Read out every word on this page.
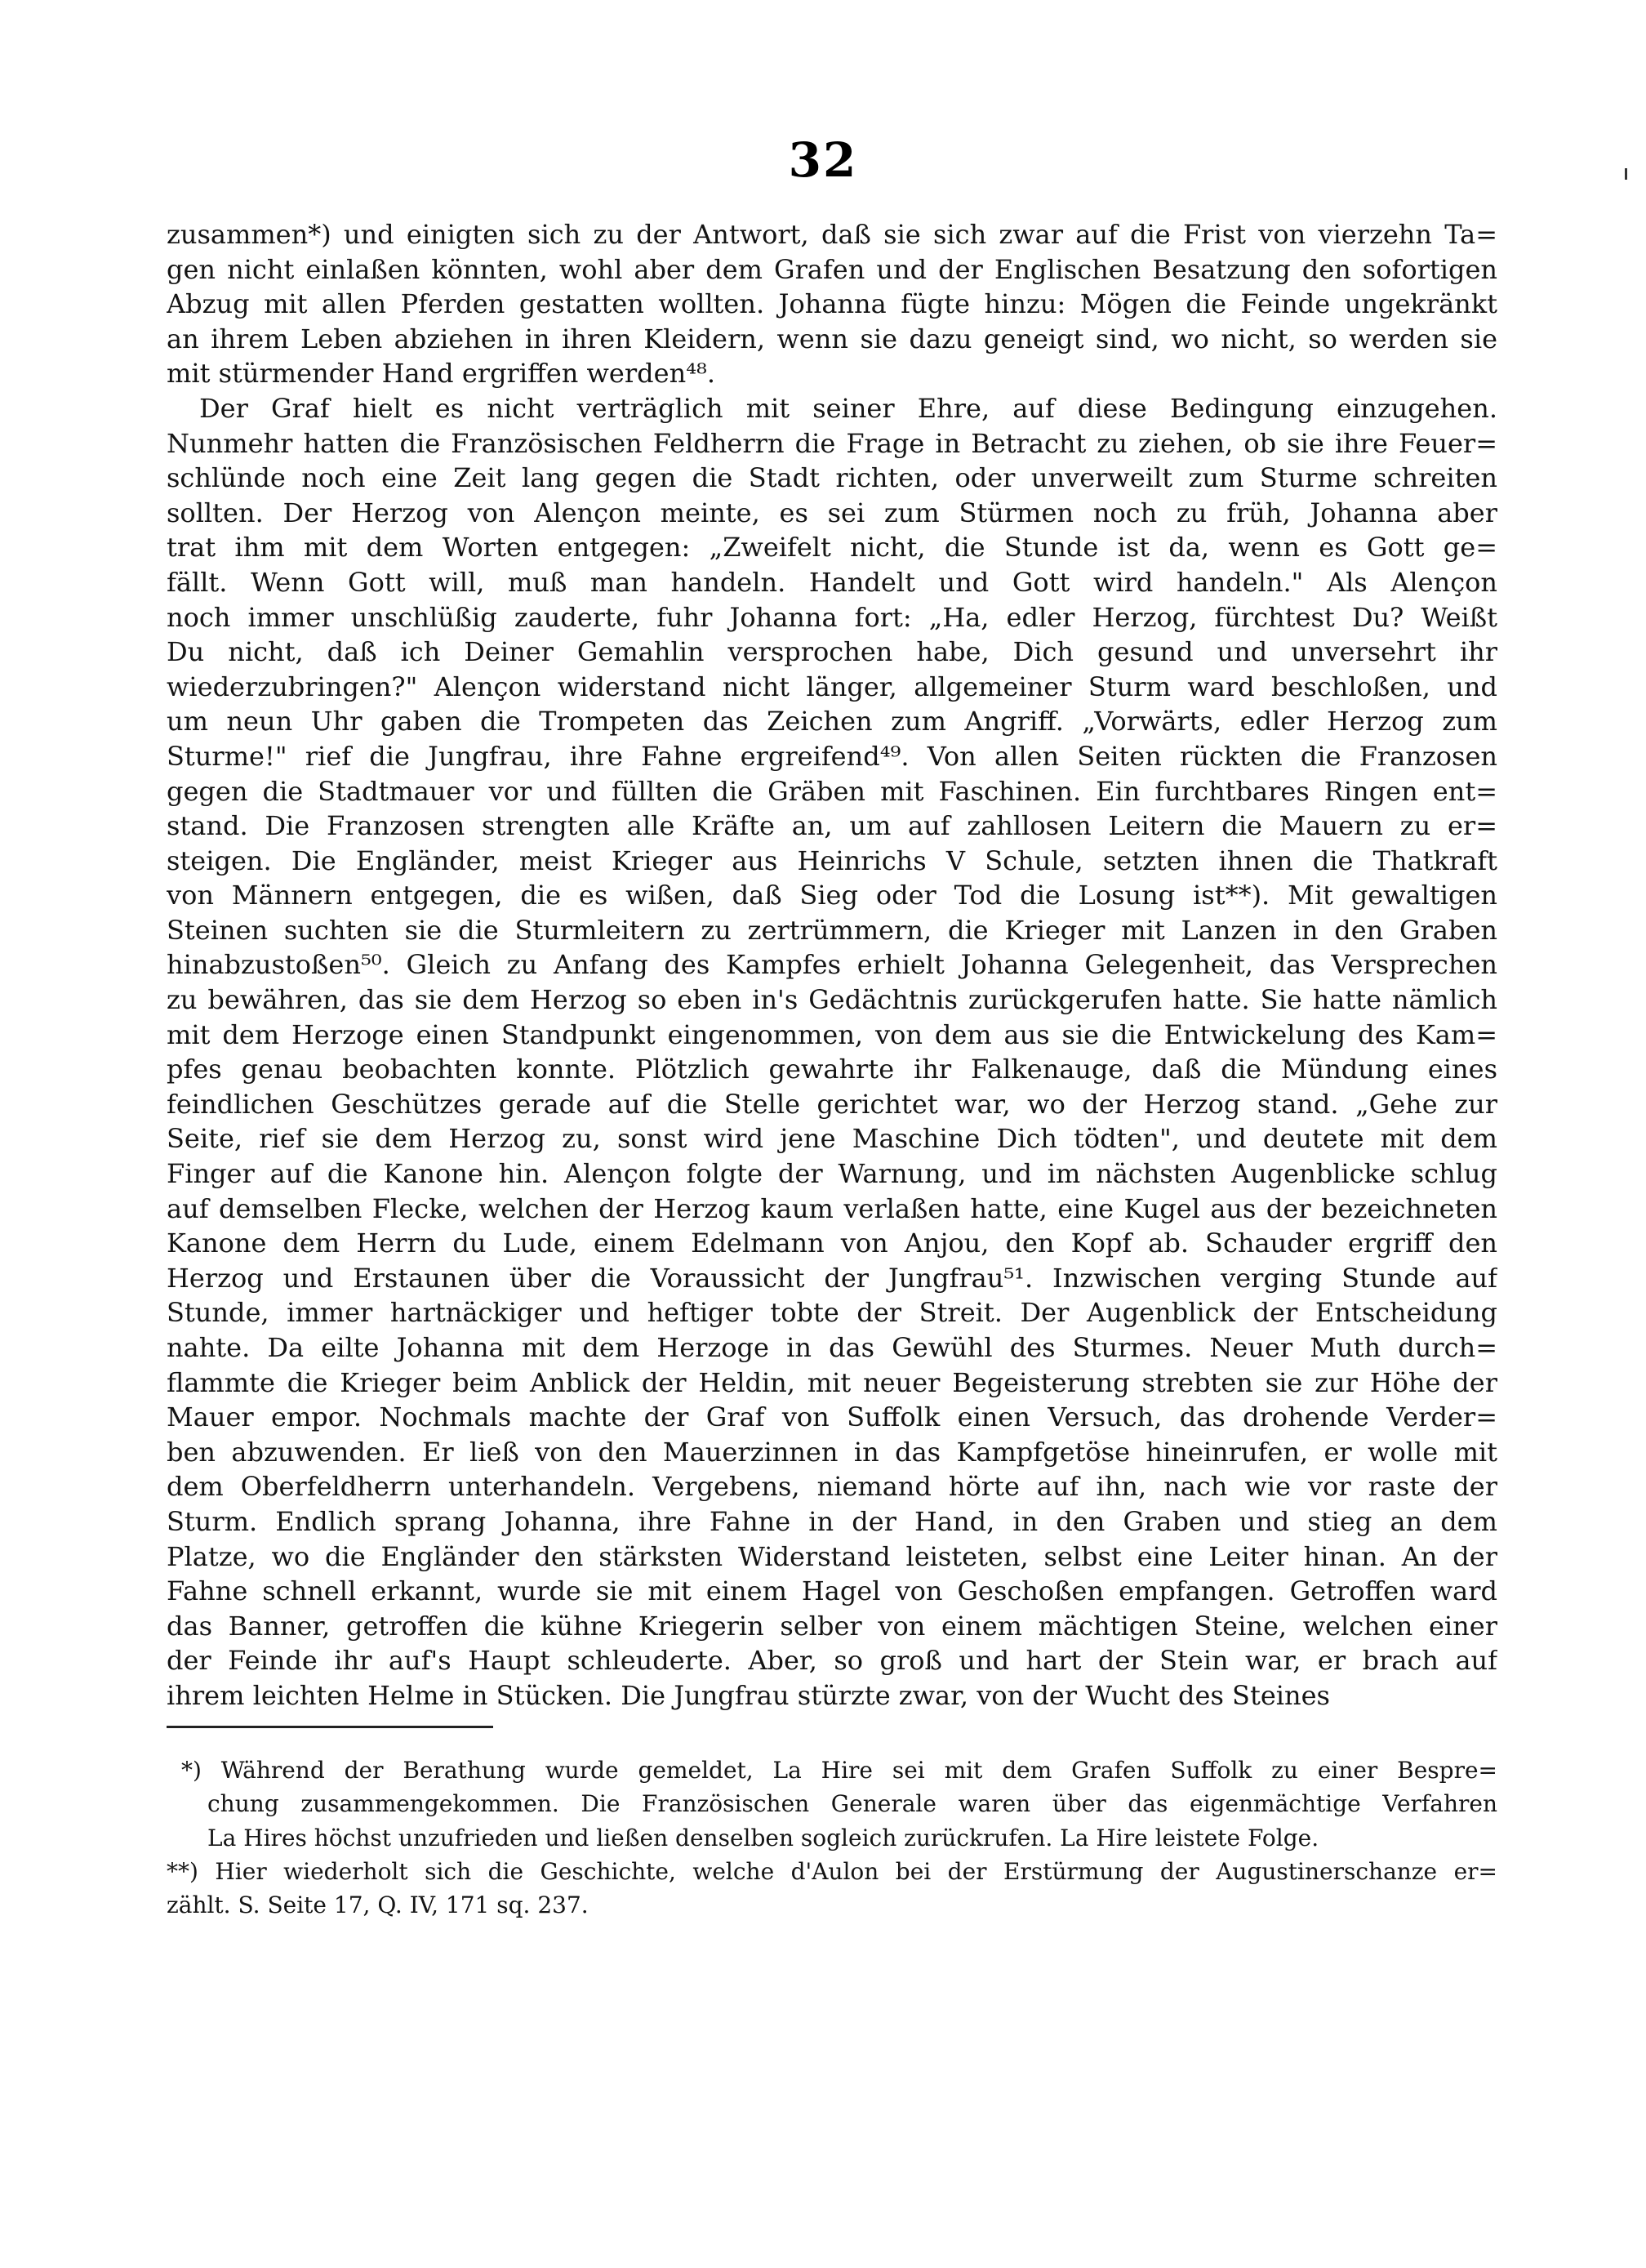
32
zusammen*) und einigten sich zu der Antwort, daß sie sich zwar auf die Frist von vierzehn Ta=
gen nicht einlaßen könnten, wohl aber dem Grafen und der Englischen Besatzung den sofortigen
Abzug mit allen Pferden gestatten wollten. Johanna fügte hinzu: Mögen die Feinde ungekränkt
an ihrem Leben abziehen in ihren Kleidern, wenn sie dazu geneigt sind, wo nicht, so werden sie
mit stürmender Hand ergriffen werden⁴⁸.
Der Graf hielt es nicht verträglich mit seiner Ehre, auf diese Bedingung einzugehen.
Nunmehr hatten die Französischen Feldherrn die Frage in Betracht zu ziehen, ob sie ihre Feuer=
schlünde noch eine Zeit lang gegen die Stadt richten, oder unverweilt zum Sturme schreiten
sollten. Der Herzog von Alençon meinte, es sei zum Stürmen noch zu früh, Johanna aber
trat ihm mit dem Worten entgegen: „Zweifelt nicht, die Stunde ist da, wenn es Gott ge=
fällt. Wenn Gott will, muß man handeln. Handelt und Gott wird handeln." Als Alençon
noch immer unschlüßig zauderte, fuhr Johanna fort: „Ha, edler Herzog, fürchtest Du? Weißt
Du nicht, daß ich Deiner Gemahlin versprochen habe, Dich gesund und unversehrt ihr
wiederzubringen?" Alençon widerstand nicht länger, allgemeiner Sturm ward beschloßen, und
um neun Uhr gaben die Trompeten das Zeichen zum Angriff. „Vorwärts, edler Herzog zum
Sturme!" rief die Jungfrau, ihre Fahne ergreifend⁴⁹. Von allen Seiten rückten die Franzosen
gegen die Stadtmauer vor und füllten die Gräben mit Faschinen. Ein furchtbares Ringen ent=
stand. Die Franzosen strengten alle Kräfte an, um auf zahllosen Leitern die Mauern zu er=
steigen. Die Engländer, meist Krieger aus Heinrichs V Schule, setzten ihnen die Thatkraft
von Männern entgegen, die es wißen, daß Sieg oder Tod die Losung ist**). Mit gewaltigen
Steinen suchten sie die Sturmleitern zu zertrümmern, die Krieger mit Lanzen in den Graben
hinabzustoßen⁵⁰. Gleich zu Anfang des Kampfes erhielt Johanna Gelegenheit, das Versprechen
zu bewähren, das sie dem Herzog so eben in's Gedächtnis zurückgerufen hatte. Sie hatte nämlich
mit dem Herzoge einen Standpunkt eingenommen, von dem aus sie die Entwickelung des Kam=
pfes genau beobachten konnte. Plötzlich gewahrte ihr Falkenauge, daß die Mündung eines
feindlichen Geschützes gerade auf die Stelle gerichtet war, wo der Herzog stand. „Gehe zur
Seite, rief sie dem Herzog zu, sonst wird jene Maschine Dich tödten", und deutete mit dem
Finger auf die Kanone hin. Alençon folgte der Warnung, und im nächsten Augenblicke schlug
auf demselben Flecke, welchen der Herzog kaum verlaßen hatte, eine Kugel aus der bezeichneten
Kanone dem Herrn du Lude, einem Edelmann von Anjou, den Kopf ab. Schauder ergriff den
Herzog und Erstaunen über die Voraussicht der Jungfrau⁵¹. Inzwischen verging Stunde auf
Stunde, immer hartnäckiger und heftiger tobte der Streit. Der Augenblick der Entscheidung
nahte. Da eilte Johanna mit dem Herzoge in das Gewühl des Sturmes. Neuer Muth durch=
flammte die Krieger beim Anblick der Heldin, mit neuer Begeisterung strebten sie zur Höhe der
Mauer empor. Nochmals machte der Graf von Suffolk einen Versuch, das drohende Verder=
ben abzuwenden. Er ließ von den Mauerzinnen in das Kampfgetöse hineinrufen, er wolle mit
dem Oberfeldherrn unterhandeln. Vergebens, niemand hörte auf ihn, nach wie vor raste der
Sturm. Endlich sprang Johanna, ihre Fahne in der Hand, in den Graben und stieg an dem
Platze, wo die Engländer den stärksten Widerstand leisteten, selbst eine Leiter hinan. An der
Fahne schnell erkannt, wurde sie mit einem Hagel von Geschoßen empfangen. Getroffen ward
das Banner, getroffen die kühne Kriegerin selber von einem mächtigen Steine, welchen einer
der Feinde ihr auf's Haupt schleuderte. Aber, so groß und hart der Stein war, er brach auf
ihrem leichten Helme in Stücken. Die Jungfrau stürzte zwar, von der Wucht des Steines
*) Während der Berathung wurde gemeldet, La Hire sei mit dem Grafen Suffolk zu einer Bespre=
chung zusammengekommen. Die Französischen Generale waren über das eigenmächtige Verfahren
La Hires höchst unzufrieden und ließen denselben sogleich zurückrufen. La Hire leistete Folge.
**) Hier wiederholt sich die Geschichte, welche d'Aulon bei der Erstürmung der Augustinerschanze er=
zählt. S. Seite 17, Q. IV, 171 sq. 237.
